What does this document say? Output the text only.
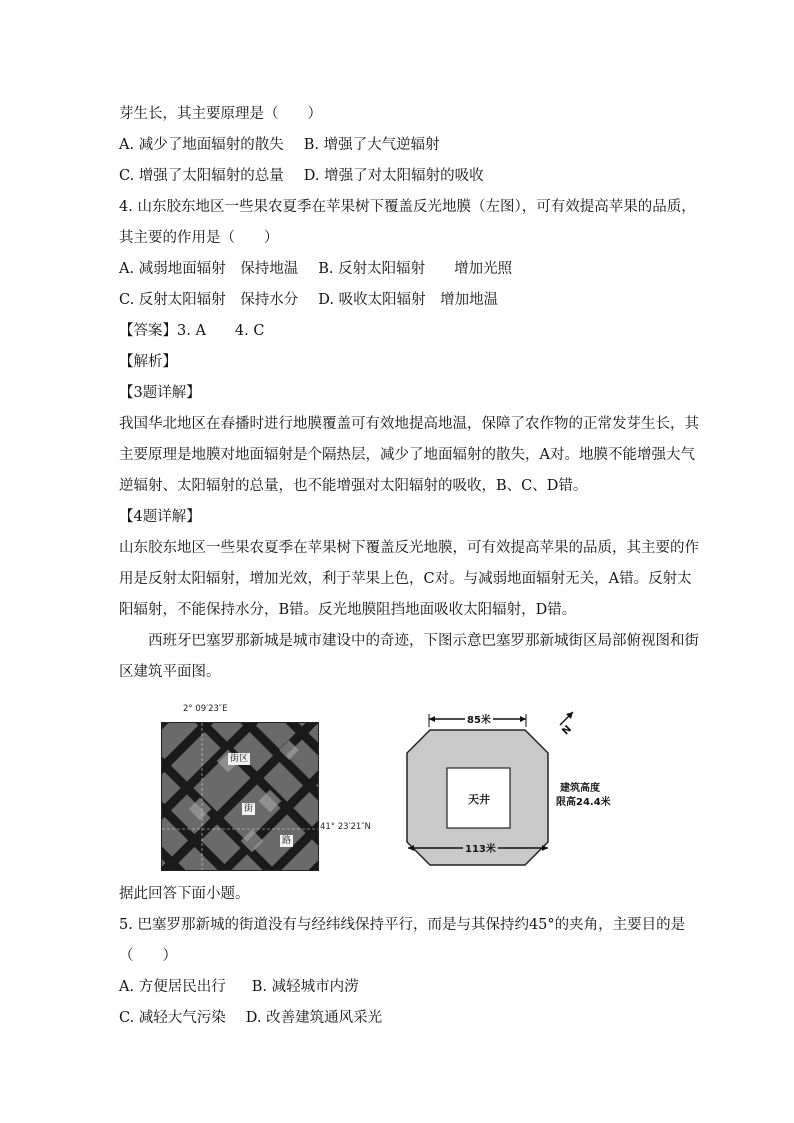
芽生长，其主要原理是（　　）
A. 减少了地面辐射的散失 B. 增强了大气逆辐射
C. 增强了太阳辐射的总量 D. 增强了对太阳辐射的吸收
4. 山东胶东地区一些果农夏季在苹果树下覆盖反光地膜（左图），可有效提高苹果的品质，
其主要的作用是（　　）
A. 减弱地面辐射　保持地温 B. 反射太阳辐射　　增加光照
C. 反射太阳辐射　保持水分 D. 吸收太阳辐射　增加地温
【答案】3. A　　4. C
【解析】
【3题详解】
我国华北地区在春播时进行地膜覆盖可有效地提高地温，保障了农作物的正常发芽生长，其
主要原理是地膜对地面辐射是个隔热层，减少了地面辐射的散失，A对。地膜不能增强大气
逆辐射、太阳辐射的总量，也不能增强对太阳辐射的吸收，B、C、D错。
【4题详解】
山东胶东地区一些果农夏季在苹果树下覆盖反光地膜，可有效提高苹果的品质，其主要的作
用是反射太阳辐射，增加光效，利于苹果上色，C对。与减弱地面辐射无关，A错。反射太
阳辐射，不能保持水分，B错。反光地膜阻挡地面吸收太阳辐射，D错。
西班牙巴塞罗那新城是城市建设中的奇迹，下图示意巴塞罗那新城街区局部俯视图和街
区建筑平面图。
2° 09′23″E
街区
街
路
41° 23′21″N
85米
113米
天井
建筑高度
限高24.4米
N
据此回答下面小题。
5. 巴塞罗那新城的街道没有与经纬线保持平行，而是与其保持约45°的夹角，主要目的是
（　　）
A. 方便居民出行 B. 减轻城市内涝
C. 减轻大气污染 D. 改善建筑通风采光
